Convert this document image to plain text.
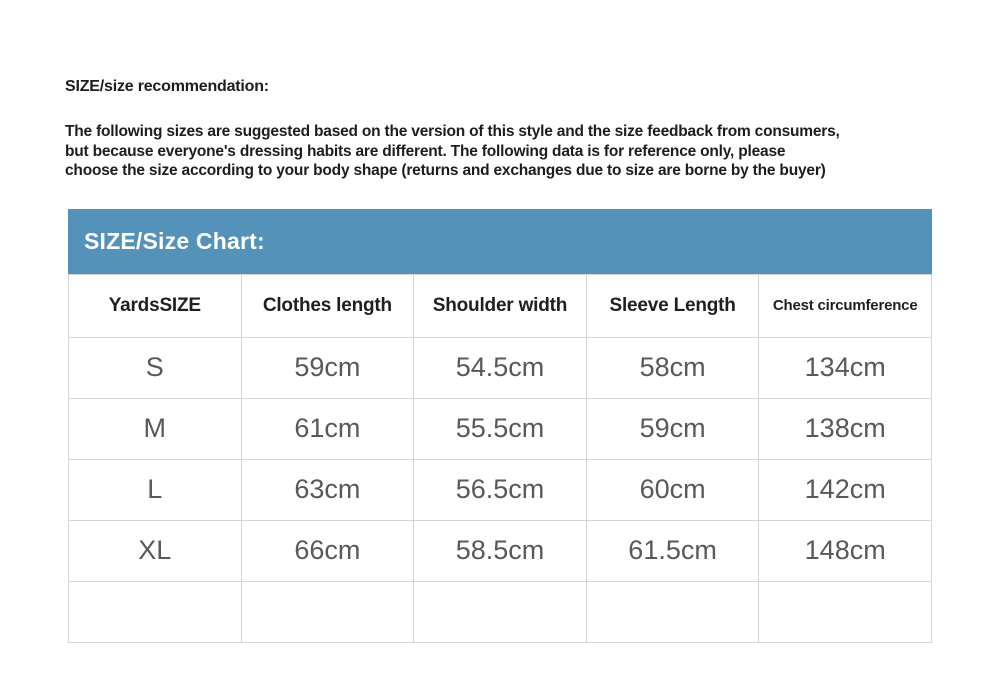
SIZE/size recommendation:
The following sizes are suggested based on the version of this style and the size feedback from consumers,
but because everyone's dressing habits are different. The following data is for reference only, please
choose the size according to your body shape (returns and exchanges due to size are borne by the buyer)
SIZE/Size Chart:
YardsSIZE	Clothes length	Shoulder width	Sleeve Length	Chest circumference
S	59cm	54.5cm	58cm	134cm
M	61cm	55.5cm	59cm	138cm
L	63cm	56.5cm	60cm	142cm
XL	66cm	58.5cm	61.5cm	148cm
